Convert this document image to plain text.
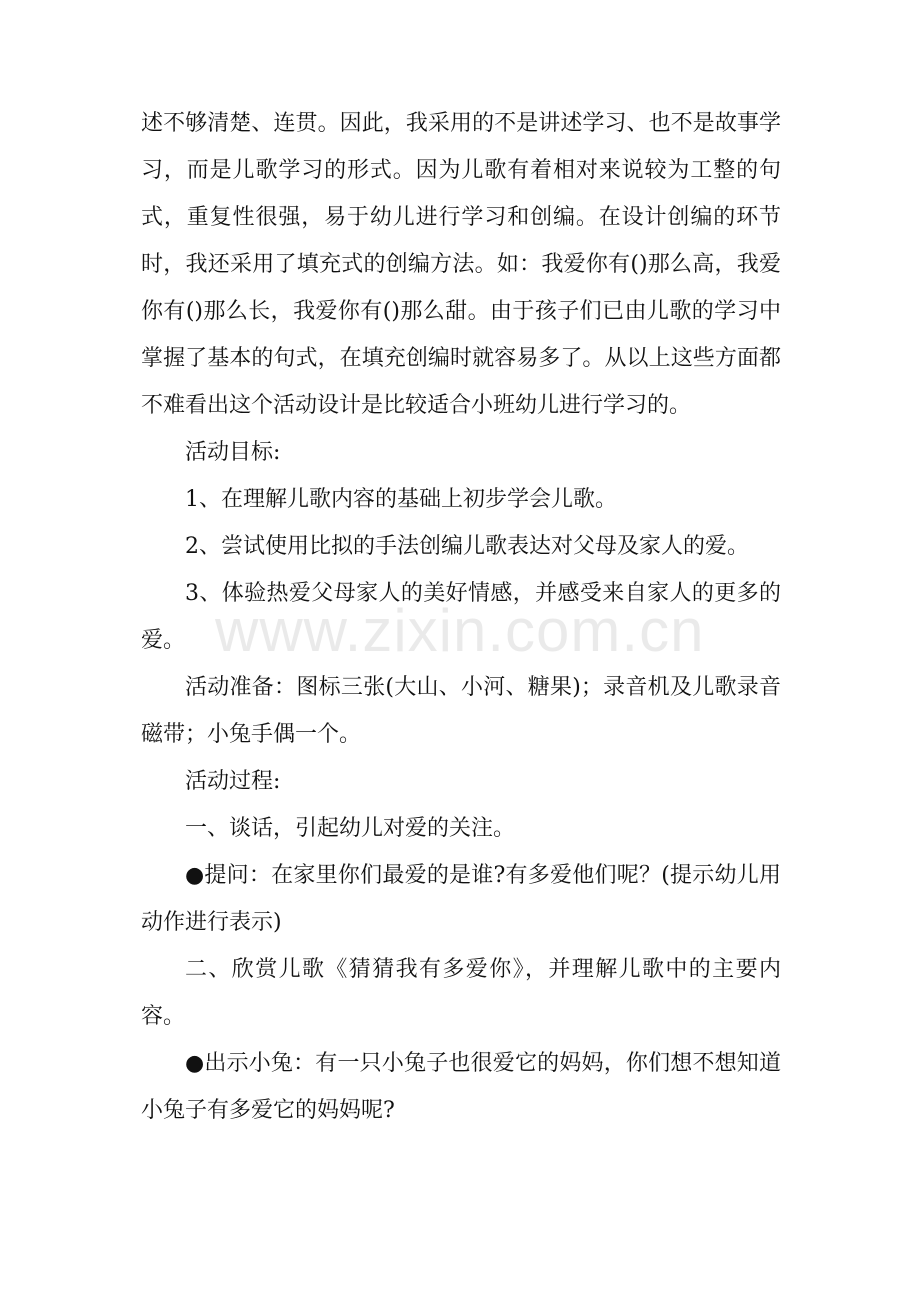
述不够清楚、连贯。因此，我采用的不是讲述学习、也不是故事学习，而是儿歌学习的形式。因为儿歌有着相对来说较为工整的句式，重复性很强，易于幼儿进行学习和创编。在设计创编的环节时，我还采用了填充式的创编方法。如：我爱你有()那么高，我爱你有()那么长，我爱你有()那么甜。由于孩子们已由儿歌的学习中掌握了基本的句式，在填充创编时就容易多了。从以上这些方面都不难看出这个活动设计是比较适合小班幼儿进行学习的。

活动目标:

1、在理解儿歌内容的基础上初步学会儿歌。

2、尝试使用比拟的手法创编儿歌表达对父母及家人的爱。

3、体验热爱父母家人的美好情感，并感受来自家人的更多的爱。

活动准备：图标三张(大山、小河、糖果)；录音机及儿歌录音磁带；小兔手偶一个。

活动过程:

一、谈话，引起幼儿对爱的关注。

●提问：在家里你们最爱的是谁?有多爱他们呢？(提示幼儿用动作进行表示)

二、欣赏儿歌《猜猜我有多爱你》，并理解儿歌中的主要内容。

●出示小兔：有一只小兔子也很爱它的妈妈，你们想不想知道小兔子有多爱它的妈妈呢?

www.zixin.com.cn
